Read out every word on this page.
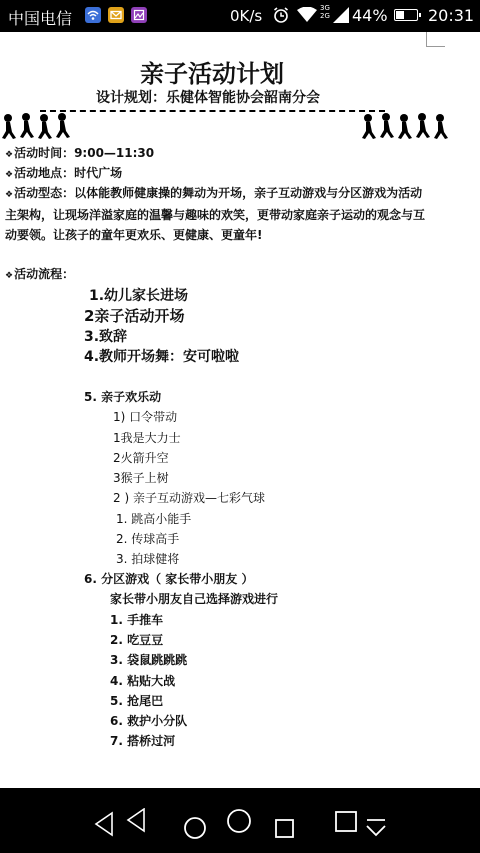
中国电信	0K/s	3G
2G 44%	20:31
亲子活动计划
设计规划：乐健体智能协会韶南分会
❖ 活动时间：9:00—11:30
❖ 活动地点：时代广场
❖ 活动型态：以体能教师健康操的舞动为开场，亲子互动游戏与分区游戏为活动主架构，让现场洋溢家庭的温馨与趣味的欢笑，更带动家庭亲子运动的观念与互动要领。让孩子的童年更欢乐、更健康、更童年!
❖ 活动流程：
1.幼儿家长进场
2亲子活动开场
3.致辞
4.教师开场舞：安可啦啦
5. 亲子欢乐动
1) 口令带动
1我是大力士
2火箭升空
3猴子上树
2 ) 亲子互动游戏—七彩气球
1. 跳高小能手
2. 传球高手
3. 拍球健将
6. 分区游戏（ 家长带小朋友 ）
家长带小朋友自己选择游戏进行
1. 手推车
2. 吃豆豆
3. 袋鼠跳跳跳
4. 粘贴大战
5. 抢尾巴
6. 救护小分队
7. 搭桥过河
